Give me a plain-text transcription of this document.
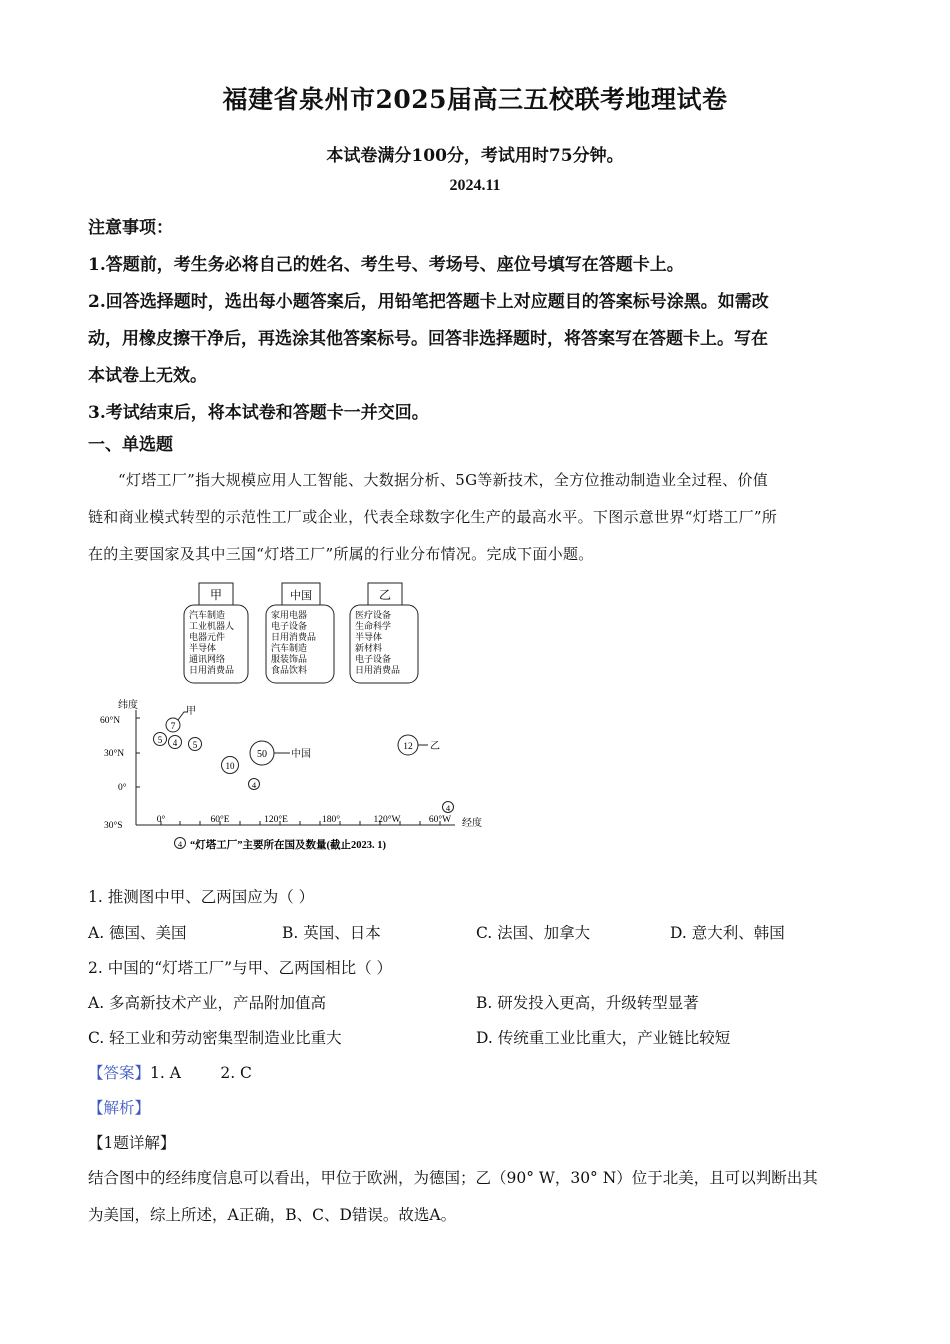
福建省泉州市2025届高三五校联考地理试卷
本试卷满分100分，考试用时75分钟。
2024.11

注意事项：

1.答题前，考生务必将自己的姓名、考生号、考场号、座位号填写在答题卡上。

2.回答选择题时，选出每小题答案后，用铅笔把答题卡上对应题目的答案标号涂黑。如需改

动，用橡皮擦干净后，再选涂其他答案标号。回答非选择题时，将答案写在答题卡上。写在

本试卷上无效。

3.考试结束后，将本试卷和答题卡一并交回。

一、单选题

“灯塔工厂”指大规模应用人工智能、大数据分析、5G等新技术，全方位推动制造业全过程、价值

链和商业模式转型的示范性工厂或企业，代表全球数字化生产的最高水平。下图示意世界“灯塔工厂”所

在的主要国家及其中三国“灯塔工厂”所属的行业分布情况。完成下面小题。

甲
汽车制造
工业机器人
电器元件
半导体
通讯网络
日用消费品
中国
家用电器
电子设备
日用消费品
汽车制造
服装饰品
食品饮料
乙
医疗设备
生命科学
半导体
新材料
电子设备
日用消费品
纬度
60°N
30°N
0°
30°S
0°	60°E	120°E	180°	120°W	60°W 经度
7
甲
5 4 5
50 中国
10
4
12 乙
4
4 “灯塔工厂”主要所在国及数量(截止2023. 1)
1. 推测图中甲、乙两国应为（ ）
A. 德国、美国	B. 英国、日本	C. 法国、加拿大	D. 意大利、韩国
2. 中国的“灯塔工厂”与甲、乙两国相比（ ）
A. 多高新技术产业，产品附加值高	B. 研发投入更高，升级转型显著
C. 轻工业和劳动密集型制造业比重大	D. 传统重工业比重大，产业链比较短
【答案】1. A        2. C
【解析】
【1题详解】

结合图中的经纬度信息可以看出，甲位于欧洲，为德国；乙（90° W，30° N）位于北美，且可以判断出其

为美国，综上所述，A正确，B、C、D错误。故选A。
